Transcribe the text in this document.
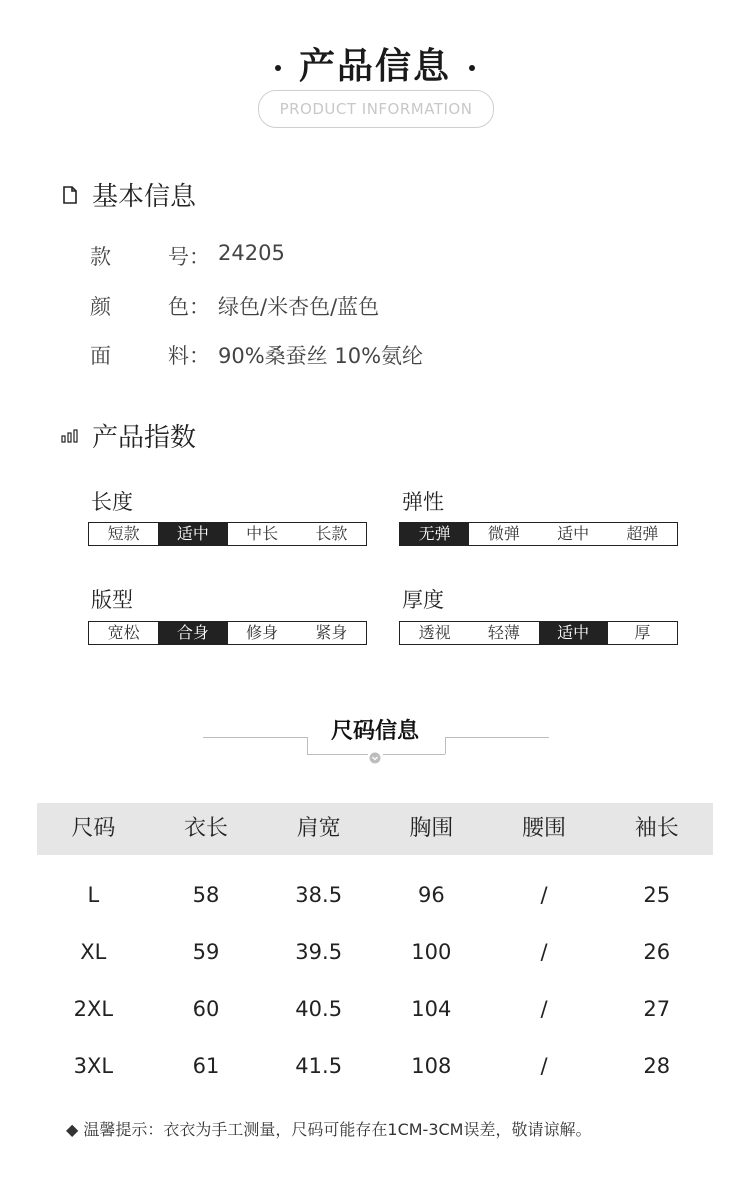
产品信息
PRODUCT INFORMATION
基本信息
款	号： 24205
颜	色： 绿色/米杏色/蓝色
面	料： 90%桑蚕丝 10%氨纶
产品指数
长度
短款	适中	中长	长款
弹性
无弹	微弹	适中	超弹
版型
宽松	合身	修身	紧身
厚度
透视	轻薄	适中	厚
尺码信息
尺码	衣长	肩宽	胸围	腰围	袖长
L	58	38.5	96	/	25
XL	59	39.5	100	/	26
2XL	60	40.5	104	/	27
3XL	61	41.5	108	/	28
◆ 温馨提示：衣衣为手工测量，尺码可能存在1CM-3CM误差，敬请谅解。
